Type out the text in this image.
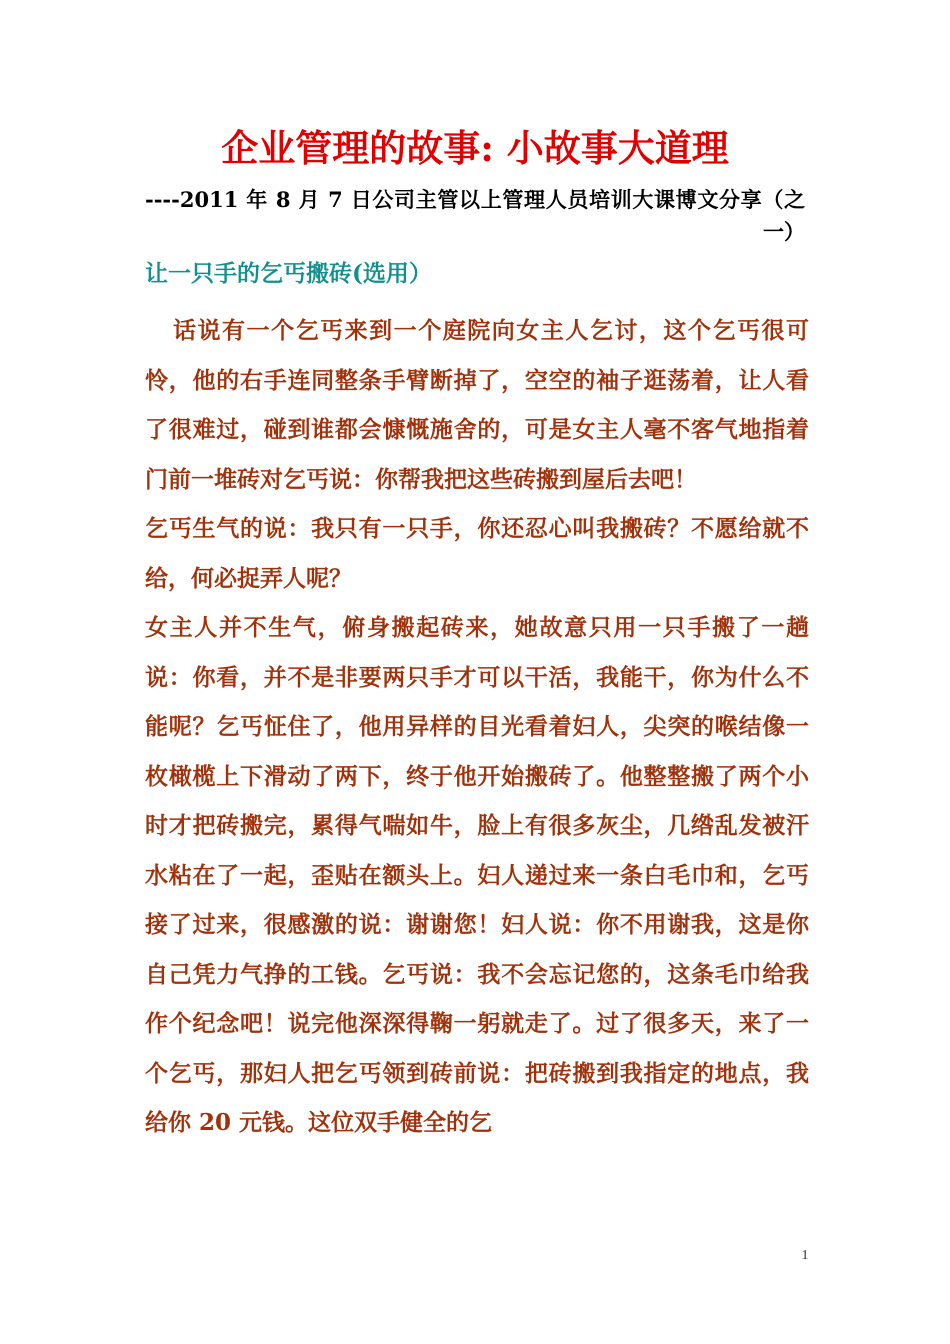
企业管理的故事: 小故事大道理
----2011 年 8 月 7 日公司主管以上管理人员培训大课博文分享（之一）
让一只手的乞丐搬砖(选用）

话说有一个乞丐来到一个庭院向女主人乞讨，这个乞丐很可怜，他的右手连同整条手臂断掉了，空空的袖子逛荡着，让人看了很难过，碰到谁都会慷慨施舍的，可是女主人毫不客气地指着门前一堆砖对乞丐说：你帮我把这些砖搬到屋后去吧！

乞丐生气的说：我只有一只手，你还忍心叫我搬砖？不愿给就不给，何必捉弄人呢？

女主人并不生气，俯身搬起砖来，她故意只用一只手搬了一趟说：你看，并不是非要两只手才可以干活，我能干，你为什么不能呢？乞丐怔住了，他用异样的目光看着妇人，尖突的喉结像一枚橄榄上下滑动了两下，终于他开始搬砖了。他整整搬了两个小时才把砖搬完，累得气喘如牛，脸上有很多灰尘，几绺乱发被汗水粘在了一起，歪贴在额头上。妇人递过来一条白毛巾和，乞丐接了过来，很感激的说：谢谢您！妇人说：你不用谢我，这是你自己凭力气挣的工钱。乞丐说：我不会忘记您的，这条毛巾给我作个纪念吧！说完他深深得鞠一躬就走了。过了很多天，来了一个乞丐，那妇人把乞丐领到砖前说：把砖搬到我指定的地点，我给你 20 元钱。这位双手健全的乞

1
